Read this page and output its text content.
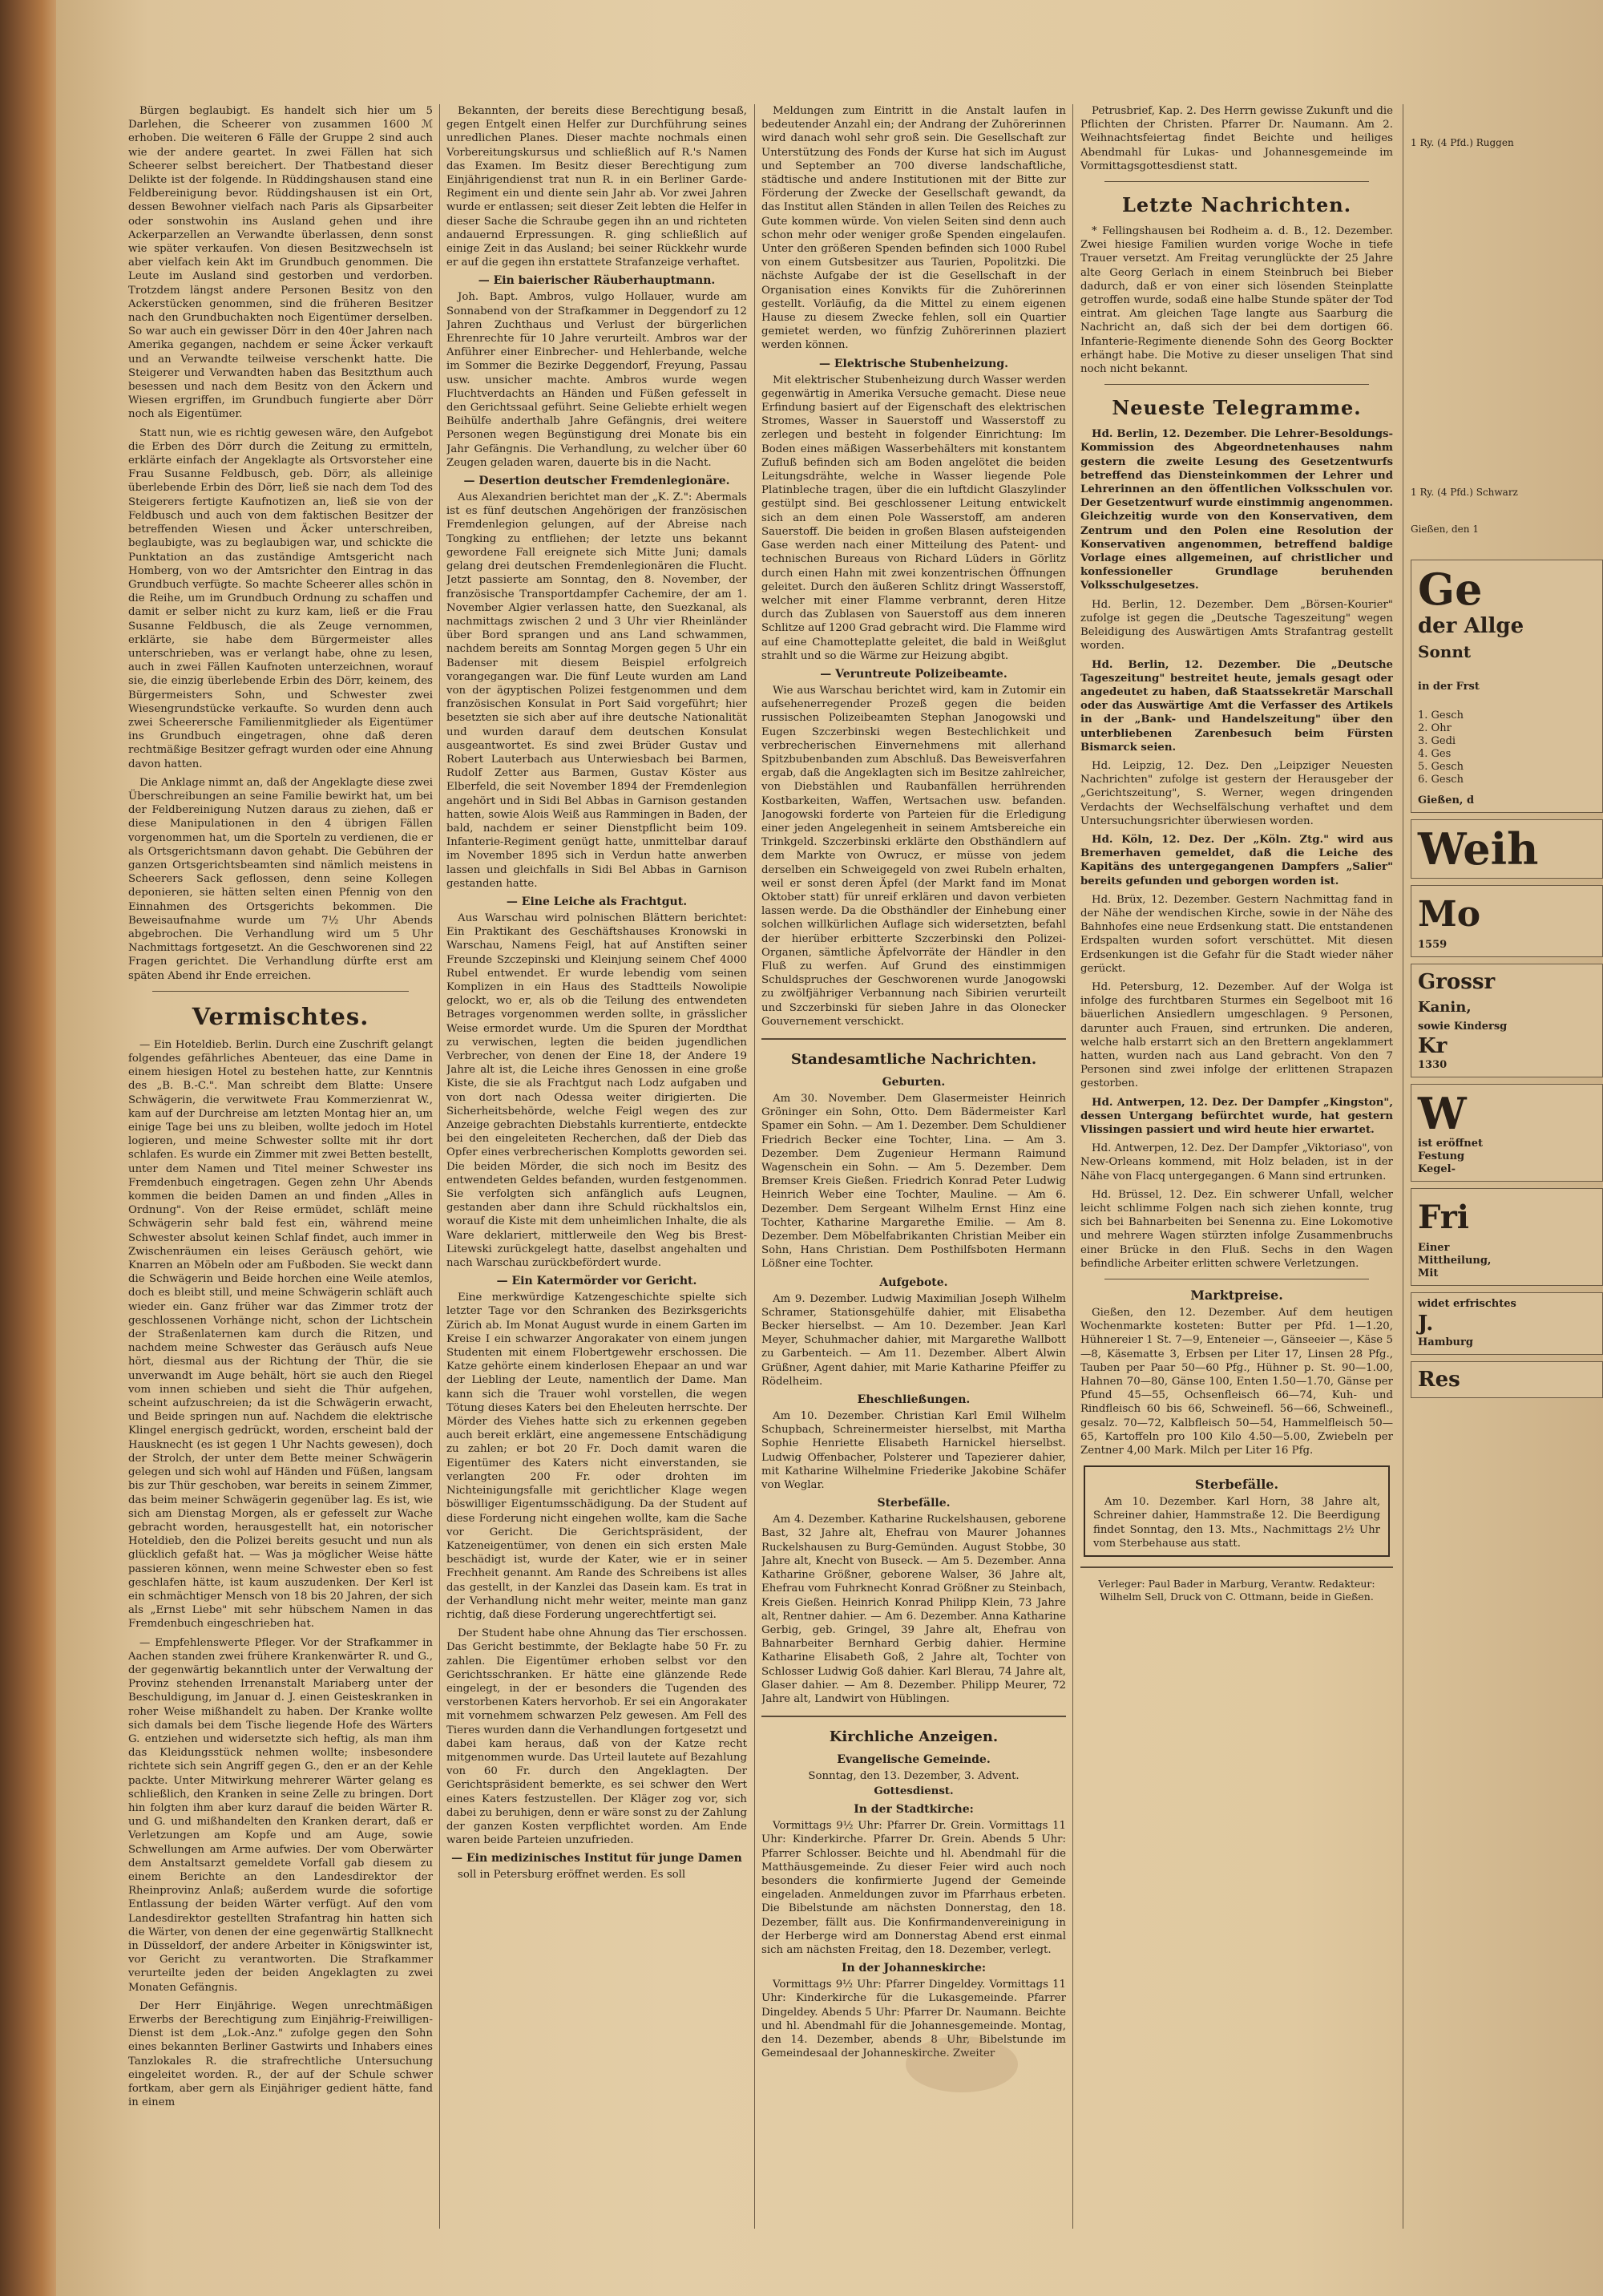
Bürgen beglaubigt. Es handelt sich hier um 5 Darlehen, die Scheerer von zusammen 1600 ℳ erhoben. Die weiteren 6 Fälle der Gruppe 2 sind auch wie der andere geartet. In zwei Fällen hat sich Scheerer selbst bereichert. Der Thatbestand dieser Delikte ist der folgende. In Rüddingshausen stand eine Feldbereinigung bevor. Rüddingshausen ist ein Ort, dessen Bewohner vielfach nach Paris als Gipsarbeiter oder sonstwohin ins Ausland gehen und ihre Ackerparzellen an Verwandte überlassen, denn sonst wie später verkaufen. Von diesen Besitzwechseln ist aber vielfach kein Akt im Grundbuch genommen. Die Leute im Ausland sind gestorben und verdorben. Trotzdem längst andere Personen Besitz von den Ackerstücken genommen, sind die früheren Besitzer nach den Grundbuchakten noch Eigentümer derselben. So war auch ein gewisser Dörr in den 40er Jahren nach Amerika gegangen, nachdem er seine Äcker verkauft und an Verwandte teilweise verschenkt hatte. Die Steigerer und Verwandten haben das Besitzthum auch besessen und nach dem Besitz von den Äckern und Wiesen ergriffen, im Grundbuch fungierte aber Dörr noch als Eigentümer.

Statt nun, wie es richtig gewesen wäre, den Aufgebot die Erben des Dörr durch die Zeitung zu ermitteln, erklärte einfach der Angeklagte als Ortsvorsteher eine Frau Susanne Feldbusch, geb. Dörr, als alleinige überlebende Erbin des Dörr, ließ sie nach dem Tod des Steigerers fertigte Kaufnotizen an, ließ sie von der Feldbusch und auch von dem faktischen Besitzer der betreffenden Wiesen und Äcker unterschreiben, beglaubigte, was zu beglaubigen war, und schickte die Punktation an das zuständige Amtsgericht nach Homberg, von wo der Amtsrichter den Eintrag in das Grundbuch verfügte. So machte Scheerer alles schön in die Reihe, um im Grundbuch Ordnung zu schaffen und damit er selber nicht zu kurz kam, ließ er die Frau Susanne Feldbusch, die als Zeuge vernommen, erklärte, sie habe dem Bürgermeister alles unterschrieben, was er verlangt habe, ohne zu lesen, auch in zwei Fällen Kaufnoten unterzeichnen, worauf sie, die einzig überlebende Erbin des Dörr, keinem, des Bürgermeisters Sohn, und Schwester zwei Wiesengrundstücke verkaufte. So wurden denn auch zwei Scheerersche Familienmitglieder als Eigentümer ins Grundbuch eingetragen, ohne daß deren rechtmäßige Besitzer gefragt wurden oder eine Ahnung davon hatten.

Die Anklage nimmt an, daß der Angeklagte diese zwei Überschreibungen an seine Familie bewirkt hat, um bei der Feldbereinigung Nutzen daraus zu ziehen, daß er diese Manipulationen in den 4 übrigen Fällen vorgenommen hat, um die Sporteln zu verdienen, die er als Ortsgerichtsmann davon gehabt. Die Gebühren der ganzen Ortsgerichtsbeamten sind nämlich meistens in Scheerers Sack geflossen, denn seine Kollegen deponieren, sie hätten selten einen Pfennig von den Einnahmen des Ortsgerichts bekommen. Die Beweisaufnahme wurde um 7½ Uhr Abends abgebrochen. Die Verhandlung wird um 5 Uhr Nachmittags fortgesetzt. An die Geschworenen sind 22 Fragen gerichtet. Die Verhandlung dürfte erst am späten Abend ihr Ende erreichen.

Vermischtes.

— Ein Hoteldieb. Berlin. Durch eine Zuschrift gelangt folgendes gefährliches Abenteuer, das eine Dame in einem hiesigen Hotel zu bestehen hatte, zur Kenntnis des „B. B.-C.". Man schreibt dem Blatte: Unsere Schwägerin, die verwitwete Frau Kommerzienrat W., kam auf der Durchreise am letzten Montag hier an, um einige Tage bei uns zu bleiben, wollte jedoch im Hotel logieren, und meine Schwester sollte mit ihr dort schlafen. Es wurde ein Zimmer mit zwei Betten bestellt, unter dem Namen und Titel meiner Schwester ins Fremdenbuch eingetragen. Gegen zehn Uhr Abends kommen die beiden Damen an und finden „Alles in Ordnung". Von der Reise ermüdet, schläft meine Schwägerin sehr bald fest ein, während meine Schwester absolut keinen Schlaf findet, auch immer in Zwischenräumen ein leises Geräusch gehört, wie Knarren an Möbeln oder am Fußboden. Sie weckt dann die Schwägerin und Beide horchen eine Weile atemlos, doch es bleibt still, und meine Schwägerin schläft auch wieder ein. Ganz früher war das Zimmer trotz der geschlossenen Vorhänge nicht, schon der Lichtschein der Straßenlaternen kam durch die Ritzen, und nachdem meine Schwester das Geräusch aufs Neue hört, diesmal aus der Richtung der Thür, die sie unverwandt im Auge behält, hört sie auch den Riegel vom innen schieben und sieht die Thür aufgehen, scheint aufzuschreien; da ist die Schwägerin erwacht, und Beide springen nun auf. Nachdem die elektrische Klingel energisch gedrückt, worden, erscheint bald der Hausknecht (es ist gegen 1 Uhr Nachts gewesen), doch der Strolch, der unter dem Bette meiner Schwägerin gelegen und sich wohl auf Händen und Füßen, langsam bis zur Thür geschoben, war bereits in seinem Zimmer, das beim meiner Schwägerin gegenüber lag. Es ist, wie sich am Dienstag Morgen, als er gefesselt zur Wache gebracht worden, herausgestellt hat, ein notorischer Hoteldieb, den die Polizei bereits gesucht und nun als glücklich gefaßt hat. — Was ja möglicher Weise hätte passieren können, wenn meine Schwester eben so fest geschlafen hätte, ist kaum auszudenken. Der Kerl ist ein schmächtiger Mensch von 18 bis 20 Jahren, der sich als „Ernst Liebe" mit sehr hübschem Namen in das Fremdenbuch eingeschrieben hat.

— Empfehlenswerte Pfleger. Vor der Strafkammer in Aachen standen zwei frühere Krankenwärter R. und G., der gegenwärtig bekanntlich unter der Verwaltung der Provinz stehenden Irrenanstalt Mariaberg unter der Beschuldigung, im Januar d. J. einen Geisteskranken in roher Weise mißhandelt zu haben. Der Kranke wollte sich damals bei dem Tische liegende Hofe des Wärters G. entziehen und widersetzte sich heftig, als man ihm das Kleidungsstück nehmen wollte; insbesondere richtete sich sein Angriff gegen G., den er an der Kehle packte. Unter Mitwirkung mehrerer Wärter gelang es schließlich, den Kranken in seine Zelle zu bringen. Dort hin folgten ihm aber kurz darauf die beiden Wärter R. und G. und mißhandelten den Kranken derart, daß er Verletzungen am Kopfe und am Auge, sowie Schwellungen am Arme aufwies. Der vom Oberwärter dem Anstaltsarzt gemeldete Vorfall gab diesem zu einem Berichte an den Landesdirektor der Rheinprovinz Anlaß; außerdem wurde die sofortige Entlassung der beiden Wärter verfügt. Auf den vom Landesdirektor gestellten Strafantrag hin hatten sich die Wärter, von denen der eine gegenwärtig Stallknecht in Düsseldorf, der andere Arbeiter in Königswinter ist, vor Gericht zu verantworten. Die Strafkammer verurteilte jeden der beiden Angeklagten zu zwei Monaten Gefängnis.

Der Herr Einjährige. Wegen unrechtmäßigen Erwerbs der Berechtigung zum Einjährig-Freiwilligen-Dienst ist dem „Lok.-Anz." zufolge gegen den Sohn eines bekannten Berliner Gastwirts und Inhabers eines Tanzlokales R. die strafrechtliche Untersuchung eingeleitet worden. R., der auf der Schule schwer fortkam, aber gern als Einjähriger gedient hätte, fand in einem

Bekannten, der bereits diese Berechtigung besaß, gegen Entgelt einen Helfer zur Durchführung seines unredlichen Planes. Dieser machte nochmals einen Vorbereitungskursus und schließlich auf R.'s Namen das Examen. Im Besitz dieser Berechtigung zum Einjährigendienst trat nun R. in ein Berliner Garde-Regiment ein und diente sein Jahr ab. Vor zwei Jahren wurde er entlassen; seit dieser Zeit lebten die Helfer in dieser Sache die Schraube gegen ihn an und richteten andauernd Erpressungen. R. ging schließlich auf einige Zeit in das Ausland; bei seiner Rückkehr wurde er auf die gegen ihn erstattete Strafanzeige verhaftet.

— Ein baierischer Räuberhauptmann.

Joh. Bapt. Ambros, vulgo Hollauer, wurde am Sonnabend von der Strafkammer in Deggendorf zu 12 Jahren Zuchthaus und Verlust der bürgerlichen Ehrenrechte für 10 Jahre verurteilt. Ambros war der Anführer einer Einbrecher- und Hehlerbande, welche im Sommer die Bezirke Deggendorf, Freyung, Passau usw. unsicher machte. Ambros wurde wegen Fluchtverdachts an Händen und Füßen gefesselt in den Gerichtssaal geführt. Seine Geliebte erhielt wegen Beihülfe anderthalb Jahre Gefängnis, drei weitere Personen wegen Begünstigung drei Monate bis ein Jahr Gefängnis. Die Verhandlung, zu welcher über 60 Zeugen geladen waren, dauerte bis in die Nacht.

— Desertion deutscher Fremdenlegionäre.

Aus Alexandrien berichtet man der „K. Z.": Abermals ist es fünf deutschen Angehörigen der französischen Fremdenlegion gelungen, auf der Abreise nach Tongking zu entfliehen; der letzte uns bekannt gewordene Fall ereignete sich Mitte Juni; damals gelang drei deutschen Fremdenlegionären die Flucht. Jetzt passierte am Sonntag, den 8. November, der französische Transportdampfer Cachemire, der am 1. November Algier verlassen hatte, den Suezkanal, als nachmittags zwischen 2 und 3 Uhr vier Rheinländer über Bord sprangen und ans Land schwammen, nachdem bereits am Sonntag Morgen gegen 5 Uhr ein Badenser mit diesem Beispiel erfolgreich vorangegangen war. Die fünf Leute wurden am Land von der ägyptischen Polizei festgenommen und dem französischen Konsulat in Port Said vorgeführt; hier besetzten sie sich aber auf ihre deutsche Nationalität und wurden darauf dem deutschen Konsulat ausgeantwortet. Es sind zwei Brüder Gustav und Robert Lauterbach aus Unterwiesbach bei Barmen, Rudolf Zetter aus Barmen, Gustav Köster aus Elberfeld, die seit November 1894 der Fremdenlegion angehört und in Sidi Bel Abbas in Garnison gestanden hatten, sowie Alois Weiß aus Rammingen in Baden, der bald, nachdem er seiner Dienstpflicht beim 109. Infanterie-Regiment genügt hatte, unmittelbar darauf im November 1895 sich in Verdun hatte anwerben lassen und gleichfalls in Sidi Bel Abbas in Garnison gestanden hatte.

— Eine Leiche als Frachtgut.

Aus Warschau wird polnischen Blättern berichtet: Ein Praktikant des Geschäftshauses Kronowski in Warschau, Namens Feigl, hat auf Anstiften seiner Freunde Szczepinski und Kleinjung seinem Chef 4000 Rubel entwendet. Er wurde lebendig vom seinen Komplizen in ein Haus des Stadtteils Nowolipie gelockt, wo er, als ob die Teilung des entwendeten Betrages vorgenommen werden sollte, in grässlicher Weise ermordet wurde. Um die Spuren der Mordthat zu verwischen, legten die beiden jugendlichen Verbrecher, von denen der Eine 18, der Andere 19 Jahre alt ist, die Leiche ihres Genossen in eine große Kiste, die sie als Frachtgut nach Lodz aufgaben und von dort nach Odessa weiter dirigierten. Die Sicherheitsbehörde, welche Feigl wegen des zur Anzeige gebrachten Diebstahls kurrentierte, entdeckte bei den eingeleiteten Recherchen, daß der Dieb das Opfer eines verbrecherischen Komplotts geworden sei. Die beiden Mörder, die sich noch im Besitz des entwendeten Geldes befanden, wurden festgenommen. Sie verfolgten sich anfänglich aufs Leugnen, gestanden aber dann ihre Schuld rückhaltslos ein, worauf die Kiste mit dem unheimlichen Inhalte, die als Ware deklariert, mittlerweile den Weg bis Brest-Litewski zurückgelegt hatte, daselbst angehalten und nach Warschau zurückbefördert wurde.

— Ein Katermörder vor Gericht.

Eine merkwürdige Katzengeschichte spielte sich letzter Tage vor den Schranken des Bezirksgerichts Zürich ab. Im Monat August wurde in einem Garten im Kreise I ein schwarzer Angorakater von einem jungen Studenten mit einem Flobertgewehr erschossen. Die Katze gehörte einem kinderlosen Ehepaar an und war der Liebling der Leute, namentlich der Dame. Man kann sich die Trauer wohl vorstellen, die wegen Tötung dieses Katers bei den Eheleuten herrschte. Der Mörder des Viehes hatte sich zu erkennen gegeben auch bereit erklärt, eine angemessene Entschädigung zu zahlen; er bot 20 Fr. Doch damit waren die Eigentümer des Katers nicht einverstanden, sie verlangten 200 Fr. oder drohten im Nichteinigungsfalle mit gerichtlicher Klage wegen böswilliger Eigentumsschädigung. Da der Student auf diese Forderung nicht eingehen wollte, kam die Sache vor Gericht. Die Gerichtspräsident, der Katzeneigentümer, von denen ein sich ersten Male beschädigt ist, wurde der Kater, wie er in seiner Frechheit genannt. Am Rande des Schreibens ist alles das gestellt, in der Kanzlei das Dasein kam. Es trat in der Verhandlung nicht mehr weiter, meinte man ganz richtig, daß diese Forderung ungerechtfertigt sei.

Der Student habe ohne Ahnung das Tier erschossen. Das Gericht bestimmte, der Beklagte habe 50 Fr. zu zahlen. Die Eigentümer erhoben selbst vor den Gerichtsschranken. Er hätte eine glänzende Rede eingelegt, in der er besonders die Tugenden des verstorbenen Katers hervorhob. Er sei ein Angorakater mit vornehmem schwarzen Pelz gewesen. Am Fell des Tieres wurden dann die Verhandlungen fortgesetzt und dabei kam heraus, daß von der Katze recht mitgenommen wurde. Das Urteil lautete auf Bezahlung von 60 Fr. durch den Angeklagten. Der Gerichtspräsident bemerkte, es sei schwer den Wert eines Katers festzustellen. Der Kläger zog vor, sich dabei zu beruhigen, denn er wäre sonst zu der Zahlung der ganzen Kosten verpflichtet worden. Am Ende waren beide Parteien unzufrieden.

— Ein medizinisches Institut für junge Damen

soll in Petersburg eröffnet werden. Es soll

Meldungen zum Eintritt in die Anstalt laufen in bedeutender Anzahl ein; der Andrang der Zuhörerinnen wird danach wohl sehr groß sein. Die Gesellschaft zur Unterstützung des Fonds der Kurse hat sich im August und September an 700 diverse landschaftliche, städtische und andere Institutionen mit der Bitte zur Förderung der Zwecke der Gesellschaft gewandt, da das Institut allen Ständen in allen Teilen des Reiches zu Gute kommen würde. Von vielen Seiten sind denn auch schon mehr oder weniger große Spenden eingelaufen. Unter den größeren Spenden befinden sich 1000 Rubel von einem Gutsbesitzer aus Taurien, Popolitzki. Die nächste Aufgabe der ist die Gesellschaft in der Organisation eines Konvikts für die Zuhörerinnen gestellt. Vorläufig, da die Mittel zu einem eigenen Hause zu diesem Zwecke fehlen, soll ein Quartier gemietet werden, wo fünfzig Zuhörerinnen plaziert werden können.

— Elektrische Stubenheizung.

Mit elektrischer Stubenheizung durch Wasser werden gegenwärtig in Amerika Versuche gemacht. Diese neue Erfindung basiert auf der Eigenschaft des elektrischen Stromes, Wasser in Sauerstoff und Wasserstoff zu zerlegen und besteht in folgender Einrichtung: Im Boden eines mäßigen Wasserbehälters mit konstantem Zufluß befinden sich am Boden angelötet die beiden Leitungsdrähte, welche in Wasser liegende Pole Platinbleche tragen, über die ein luftdicht Glaszylinder gestülpt sind. Bei geschlossener Leitung entwickelt sich an dem einen Pole Wasserstoff, am anderen Sauerstoff. Die beiden in großen Blasen aufsteigenden Gase werden nach einer Mitteilung des Patent- und technischen Bureaus von Richard Lüders in Görlitz durch einen Hahn mit zwei konzentrischen Öffnungen geleitet. Durch den äußeren Schlitz dringt Wasserstoff, welcher mit einer Flamme verbrannt, deren Hitze durch das Zublasen von Sauerstoff aus dem inneren Schlitze auf 1200 Grad gebracht wird. Die Flamme wird auf eine Chamotteplatte geleitet, die bald in Weißglut strahlt und so die Wärme zur Heizung abgibt.

— Veruntreute Polizeibeamte.

Wie aus Warschau berichtet wird, kam in Zutomir ein aufsehenerregender Prozeß gegen die beiden russischen Polizeibeamten Stephan Janogowski und Eugen Szczerbinski wegen Bestechlichkeit und verbrecherischen Einvernehmens mit allerhand Spitzbubenbanden zum Abschluß. Das Beweisverfahren ergab, daß die Angeklagten sich im Besitze zahlreicher, von Diebstählen und Raubanfällen herrührenden Kostbarkeiten, Waffen, Wertsachen usw. befanden. Janogowski forderte von Parteien für die Erledigung einer jeden Angelegenheit in seinem Amtsbereiche ein Trinkgeld. Szczerbinski erklärte den Obsthändlern auf dem Markte von Owrucz, er müsse von jedem derselben ein Schweigegeld von zwei Rubeln erhalten, weil er sonst deren Äpfel (der Markt fand im Monat Oktober statt) für unreif erklären und davon verbieten lassen werde. Da die Obsthändler der Einhebung einer solchen willkürlichen Auflage sich widersetzten, befahl der hierüber erbitterte Szczerbinski den Polizei-Organen, sämtliche Äpfelvorräte der Händler in den Fluß zu werfen. Auf Grund des einstimmigen Schuldspruches der Geschworenen wurde Janogowski zu zwölfjähriger Verbannung nach Sibirien verurteilt und Szczerbinski für sieben Jahre in das Olonecker Gouvernement verschickt.

Standesamtliche Nachrichten.
Geburten.

Am 30. November. Dem Glasermeister Heinrich Gröninger ein Sohn, Otto. Dem Bädermeister Karl Spamer ein Sohn. — Am 1. Dezember. Dem Schuldiener Friedrich Becker eine Tochter, Lina. — Am 3. Dezember. Dem Zugenieur Hermann Raimund Wagenschein ein Sohn. — Am 5. Dezember. Dem Bremser Kreis Gießen. Friedrich Konrad Peter Ludwig Heinrich Weber eine Tochter, Mauline. — Am 6. Dezember. Dem Sergeant Wilhelm Ernst Hinz eine Tochter, Katharine Margarethe Emilie. — Am 8. Dezember. Dem Möbelfabrikanten Christian Meiber ein Sohn, Hans Christian. Dem Posthilfsboten Hermann Lößner eine Tochter.

Aufgebote.

Am 9. Dezember. Ludwig Maximilian Joseph Wilhelm Schramer, Stationsgehülfe dahier, mit Elisabetha Becker hierselbst. — Am 10. Dezember. Jean Karl Meyer, Schuhmacher dahier, mit Margarethe Wallbott zu Garbenteich. — Am 11. Dezember. Albert Alwin Grüßner, Agent dahier, mit Marie Katharine Pfeiffer zu Rödelheim.

Eheschließungen.

Am 10. Dezember. Christian Karl Emil Wilhelm Schupbach, Schreinermeister hierselbst, mit Martha Sophie Henriette Elisabeth Harnickel hierselbst. Ludwig Offenbacher, Polsterer und Tapezierer dahier, mit Katharine Wilhelmine Friederike Jakobine Schäfer von Weglar.

Sterbefälle.

Am 4. Dezember. Katharine Ruckelshausen, geborene Bast, 32 Jahre alt, Ehefrau von Maurer Johannes Ruckelshausen zu Burg-Gemünden. August Stobbe, 30 Jahre alt, Knecht von Buseck. — Am 5. Dezember. Anna Katharine Größner, geborene Walser, 36 Jahre alt, Ehefrau vom Fuhrknecht Konrad Größner zu Steinbach, Kreis Gießen. Heinrich Konrad Philipp Klein, 73 Jahre alt, Rentner dahier. — Am 6. Dezember. Anna Katharine Gerbig, geb. Gringel, 39 Jahre alt, Ehefrau von Bahnarbeiter Bernhard Gerbig dahier. Hermine Katharine Elisabeth Goß, 2 Jahre alt, Tochter von Schlosser Ludwig Goß dahier. Karl Blerau, 74 Jahre alt, Glaser dahier. — Am 8. Dezember. Philipp Meurer, 72 Jahre alt, Landwirt von Hüblingen.

Kirchliche Anzeigen.
Evangelische Gemeinde.
Sonntag, den 13. Dezember, 3. Advent.
Gottesdienst.
In der Stadtkirche:

Vormittags 9½ Uhr: Pfarrer Dr. Grein. Vormittags 11 Uhr: Kinderkirche. Pfarrer Dr. Grein. Abends 5 Uhr: Pfarrer Schlosser. Beichte und hl. Abendmahl für die Matthäusgemeinde. Zu dieser Feier wird auch noch besonders die konfirmierte Jugend der Gemeinde eingeladen. Anmeldungen zuvor im Pfarrhaus erbeten. Die Bibelstunde am nächsten Donnerstag, den 18. Dezember, fällt aus. Die Konfirmandenvereinigung in der Herberge wird am Donnerstag Abend erst einmal sich am nächsten Freitag, den 18. Dezember, verlegt.

In der Johanneskirche:

Vormittags 9½ Uhr: Pfarrer Dingeldey. Vormittags 11 Uhr: Kinderkirche für die Lukasgemeinde. Pfarrer Dingeldey. Abends 5 Uhr: Pfarrer Dr. Naumann. Beichte und hl. Abendmahl für die Johannesgemeinde. Montag, den 14. Dezember, abends 8 Uhr, Bibelstunde im Gemeindesaal der Johanneskirche. Zweiter

Petrusbrief, Kap. 2. Des Herrn gewisse Zukunft und die Pflichten der Christen. Pfarrer Dr. Naumann. Am 2. Weihnachtsfeiertag findet Beichte und heiliges Abendmahl für Lukas- und Johannesgemeinde im Vormittagsgottesdienst statt.

Letzte Nachrichten.

* Fellingshausen bei Rodheim a. d. B., 12. Dezember. Zwei hiesige Familien wurden vorige Woche in tiefe Trauer versetzt. Am Freitag verunglückte der 25 Jahre alte Georg Gerlach in einem Steinbruch bei Bieber dadurch, daß er von einer sich lösenden Steinplatte getroffen wurde, sodaß eine halbe Stunde später der Tod eintrat. Am gleichen Tage langte aus Saarburg die Nachricht an, daß sich der bei dem dortigen 66. Infanterie-Regimente dienende Sohn des Georg Bockter erhängt habe. Die Motive zu dieser unseligen That sind noch nicht bekannt.

Neueste Telegramme.

Hd. Berlin, 12. Dezember. Die Lehrer-Besoldungs-Kommission des Abgeordnetenhauses nahm gestern die zweite Lesung des Gesetzentwurfs betreffend das Diensteinkommen der Lehrer und Lehrerinnen an den öffentlichen Volksschulen vor. Der Gesetzentwurf wurde einstimmig angenommen. Gleichzeitig wurde von den Konservativen, dem Zentrum und den Polen eine Resolution der Konservativen angenommen, betreffend baldige Vorlage eines allgemeinen, auf christlicher und konfessioneller Grundlage beruhenden Volksschulgesetzes.

Hd. Berlin, 12. Dezember. Dem „Börsen-Kourier" zufolge ist gegen die „Deutsche Tageszeitung" wegen Beleidigung des Auswärtigen Amts Strafantrag gestellt worden.

Hd. Berlin, 12. Dezember. Die „Deutsche Tageszeitung" bestreitet heute, jemals gesagt oder angedeutet zu haben, daß Staatssekretär Marschall oder das Auswärtige Amt die Verfasser des Artikels in der „Bank- und Handelszeitung" über den unterbliebenen Zarenbesuch beim Fürsten Bismarck seien.

Hd. Leipzig, 12. Dez. Den „Leipziger Neuesten Nachrichten" zufolge ist gestern der Herausgeber der „Gerichtszeitung", S. Werner, wegen dringenden Verdachts der Wechselfälschung verhaftet und dem Untersuchungsrichter überwiesen worden.

Hd. Köln, 12. Dez. Der „Köln. Ztg." wird aus Bremerhaven gemeldet, daß die Leiche des Kapitäns des untergegangenen Dampfers „Salier" bereits gefunden und geborgen worden ist.

Hd. Brüx, 12. Dezember. Gestern Nachmittag fand in der Nähe der wendischen Kirche, sowie in der Nähe des Bahnhofes eine neue Erdsenkung statt. Die entstandenen Erdspalten wurden sofort verschüttet. Mit diesen Erdsenkungen ist die Gefahr für die Stadt wieder näher gerückt.

Hd. Petersburg, 12. Dezember. Auf der Wolga ist infolge des furchtbaren Sturmes ein Segelboot mit 16 bäuerlichen Ansiedlern umgeschlagen. 9 Personen, darunter auch Frauen, sind ertrunken. Die anderen, welche halb erstarrt sich an den Brettern angeklammert hatten, wurden nach aus Land gebracht. Von den 7 Personen sind zwei infolge der erlittenen Strapazen gestorben.

Hd. Antwerpen, 12. Dez. Der Dampfer „Kingston", dessen Untergang befürchtet wurde, hat gestern Vlissingen passiert und wird heute hier erwartet.

Hd. Antwerpen, 12. Dez. Der Dampfer „Viktoriaso", von New-Orleans kommend, mit Holz beladen, ist in der Nähe von Flacq untergegangen. 6 Mann sind ertrunken.

Hd. Brüssel, 12. Dez. Ein schwerer Unfall, welcher leicht schlimme Folgen nach sich ziehen konnte, trug sich bei Bahnarbeiten bei Senenna zu. Eine Lokomotive und mehrere Wagen stürzten infolge Zusammenbruchs einer Brücke in den Fluß. Sechs in den Wagen befindliche Arbeiter erlitten schwere Verletzungen.

Marktpreise.

Gießen, den 12. Dezember. Auf dem heutigen Wochenmarkte kosteten: Butter per Pfd. 1—1.20, Hühnereier 1 St. 7—9, Enteneier —, Gänseeier —, Käse 5—8, Käsematte 3, Erbsen per Liter 17, Linsen 28 Pfg., Tauben per Paar 50—60 Pfg., Hühner p. St. 90—1.00, Hahnen 70—80, Gänse 100, Enten 1.50—1.70, Gänse per Pfund 45—55, Ochsenfleisch 66—74, Kuh- und Rindfleisch 60 bis 66, Schweinefl. 56—66, Schweinefl., gesalz. 70—72, Kalbfleisch 50—54, Hammelfleisch 50—65, Kartoffeln pro 100 Kilo 4.50—5.00, Zwiebeln per Zentner 4,00 Mark. Milch per Liter 16 Pfg.

Sterbefälle.

Am 10. Dezember. Karl Horn, 38 Jahre alt, Schreiner dahier, Hammstraße 12. Die Beerdigung findet Sonntag, den 13. Mts., Nachmittags 2½ Uhr vom Sterbehause aus statt.

Verleger: Paul Bader in Marburg, Verantw. Redakteur: Wilhelm Sell, Druck von C. Ottmann, beide in Gießen.
1 Ry. (4 Pfd.) Ruggen
1 Ry. (4 Pfd.) Schwarz
Gießen, den 1
Ge
der Allge
Sonnt
in der Frst
1. Gesch
2. Ohr
3. Gedi
4. Ges
5. Gesch
6. Gesch
Gießen, d
Weih
Mo
1559
Grossr
Kanin,
sowie Kindersg
Kr
1330
W
ist eröffnet
Festung
Kegel-
Fri
Einer
Mittheilung,
Mit
widet erfrischtes
J.
Hamburg
Res
